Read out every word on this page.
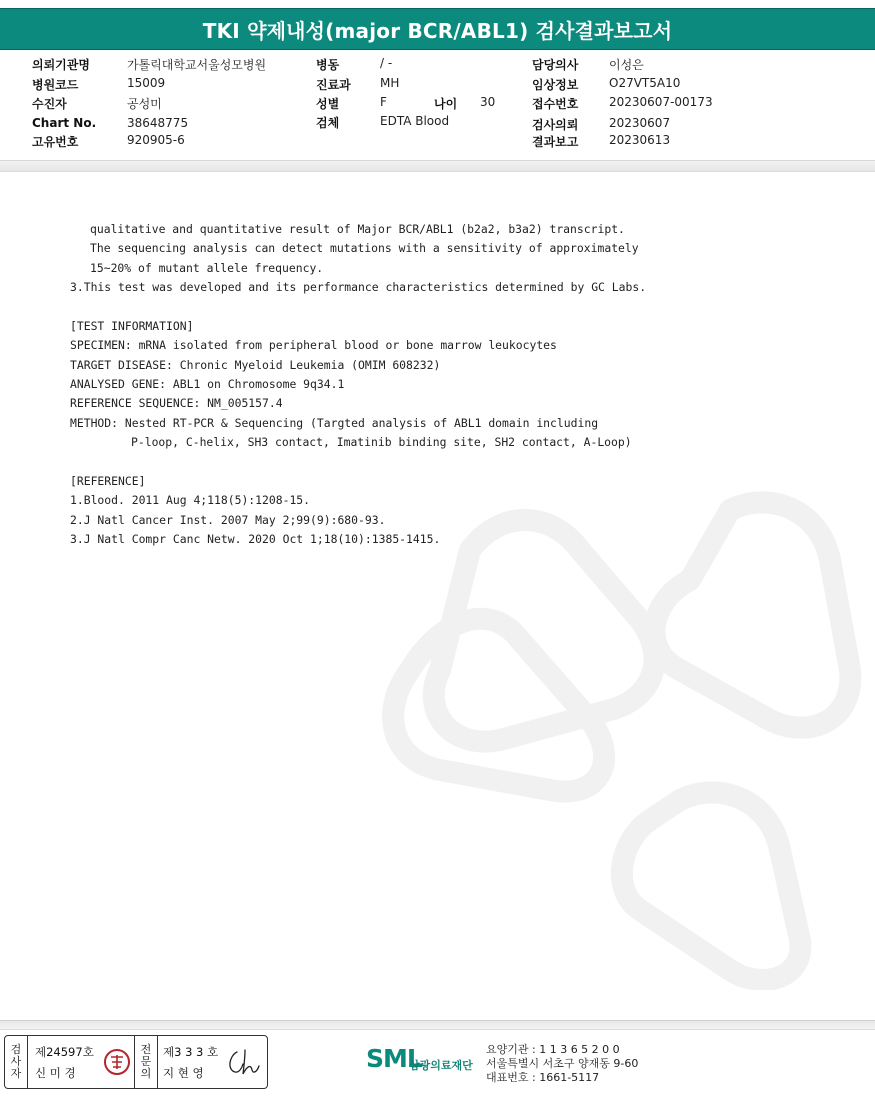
TKI 약제내성(major BCR/ABL1) 검사결과보고서
의뢰기관명	가톨릭대학교서울성모병원
병원코드	15009
수진자	공성미
Chart No.	38648775
고유번호	920905-6
병동	/ -
진료과 MH
성별	F	나이 30
검체	EDTA Blood
담당의사	이성은
임상정보	O27VT5A10
접수번호	20230607-00173
검사의뢰	20230607
결과보고	20230613
qualitative and quantitative result of Major BCR/ABL1 (b2a2, b3a2) transcript.
The sequencing analysis can detect mutations with a sensitivity of approximately
15~20% of mutant allele frequency.
3.This test was developed and its performance characteristics determined by GC Labs.
[TEST INFORMATION]
SPECIMEN: mRNA isolated from peripheral blood or bone marrow leukocytes
TARGET DISEASE: Chronic Myeloid Leukemia (OMIM 608232)
ANALYSED GENE: ABL1 on Chromosome 9q34.1
REFERENCE SEQUENCE: NM_005157.4
METHOD: Nested RT-PCR & Sequencing (Targted analysis of ABL1 domain including
P-loop, C-helix, SH3 contact, Imatinib binding site, SH2 contact, A-Loop)
[REFERENCE]
1.Blood. 2011 Aug 4;118(5):1208-15.
2.J Natl Cancer Inst. 2007 May 2;99(9):680-93.
3.J Natl Compr Canc Netw. 2020 Oct 1;18(10):1385-1415.
검
사
자
제24597호
신 미 경
전
문
의
제3 3 3 호
지 현 영	SML
삼광의료재단
요양기관 : 1 1 3 6 5 2 0 0
서울특별시 서초구 양재동 9-60
대표번호 : 1661-5117
